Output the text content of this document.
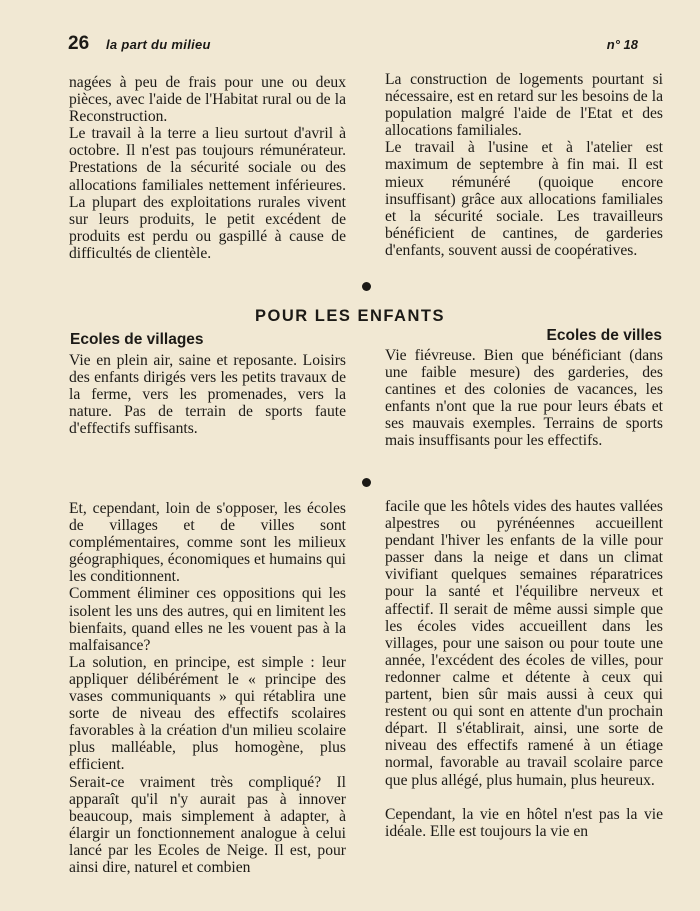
26 la part du milieu	n° 18

nagées à peu de frais pour une ou deux pièces, avec l'aide de l'Habitat rural ou de la Reconstruction.

Le travail à la terre a lieu surtout d'avril à octobre. Il n'est pas toujours rémunérateur. Prestations de la sécurité sociale ou des allocations familiales nettement inférieures. La plupart des exploitations rurales vivent sur leurs produits, le petit excédent de produits est perdu ou gaspillé à cause de difficultés de clientèle.

La construction de logements pourtant si nécessaire, est en retard sur les besoins de la population malgré l'aide de l'Etat et des allocations familiales.

Le travail à l'usine et à l'atelier est maximum de septembre à fin mai. Il est mieux rémunéré (quoique encore insuffisant) grâce aux allocations familiales et la sécurité sociale. Les travailleurs bénéficient de cantines, de garderies d'enfants, souvent aussi de coopératives.

POUR LES ENFANTS
Ecoles de villages	Ecoles de villes

Vie en plein air, saine et reposante. Loisirs des enfants dirigés vers les petits travaux de la ferme, vers les promenades, vers la nature. Pas de terrain de sports faute d'effectifs suffisants.

Vie fiévreuse. Bien que bénéficiant (dans une faible mesure) des garderies, des cantines et des colonies de vacances, les enfants n'ont que la rue pour leurs ébats et ses mauvais exemples. Terrains de sports mais insuffisants pour les effectifs.

Et, cependant, loin de s'opposer, les écoles de villages et de villes sont complémentaires, comme sont les milieux géographiques, économiques et humains qui les conditionnent.

Comment éliminer ces oppositions qui les isolent les uns des autres, qui en limitent les bienfaits, quand elles ne les vouent pas à la malfaisance?

La solution, en principe, est simple : leur appliquer délibérément le « principe des vases communiquants » qui rétablira une sorte de niveau des effectifs scolaires favorables à la création d'un milieu scolaire plus malléable, plus homogène, plus efficient.

Serait-ce vraiment très compliqué? Il apparaît qu'il n'y aurait pas à innover beaucoup, mais simplement à adapter, à élargir un fonctionnement analogue à celui lancé par les Ecoles de Neige. Il est, pour ainsi dire, naturel et combien

facile que les hôtels vides des hautes vallées alpestres ou pyrénéennes accueillent pendant l'hiver les enfants de la ville pour passer dans la neige et dans un climat vivifiant quelques semaines réparatrices pour la santé et l'équilibre nerveux et affectif. Il serait de même aussi simple que les écoles vides accueillent dans les villages, pour une saison ou pour toute une année, l'excédent des écoles de villes, pour redonner calme et détente à ceux qui partent, bien sûr mais aussi à ceux qui restent ou qui sont en attente d'un prochain départ. Il s'établirait, ainsi, une sorte de niveau des effectifs ramené à un étiage normal, favorable au travail scolaire parce que plus allégé, plus humain, plus heureux.

Cependant, la vie en hôtel n'est pas la vie idéale. Elle est toujours la vie en
